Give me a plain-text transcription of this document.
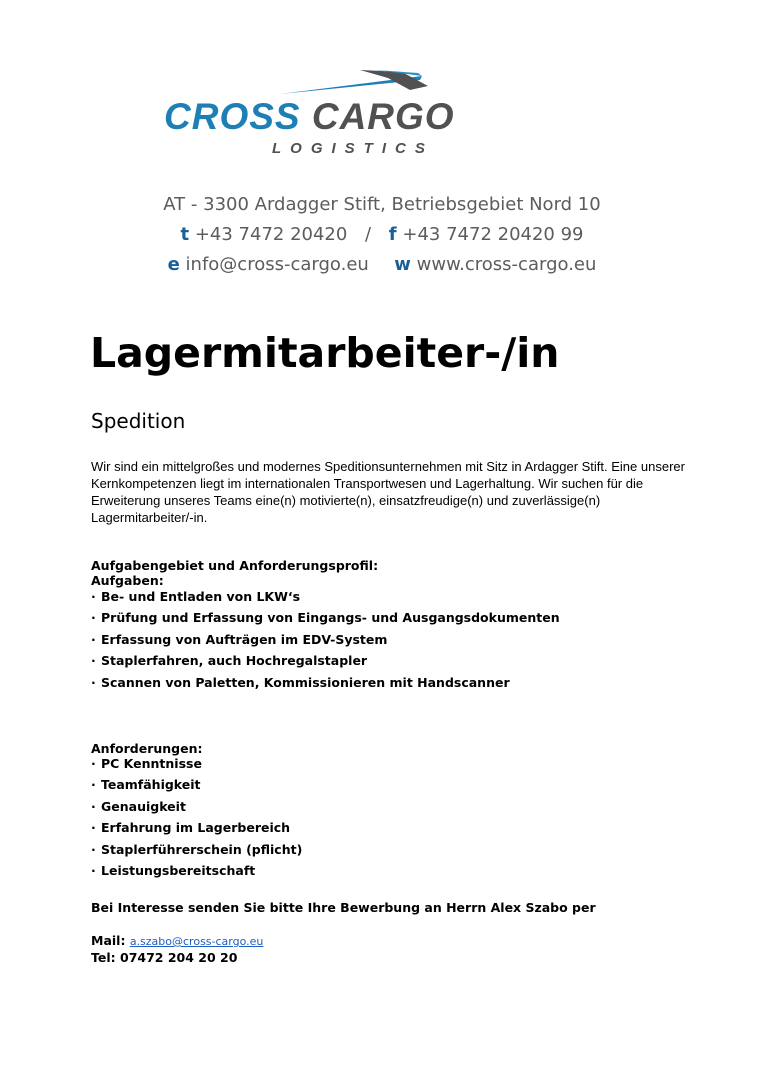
CROSS CARGO
LOGISTICS
AT - 3300 Ardagger Stift, Betriebsgebiet Nord 10
t +43 7472 20420 / f +43 7472 20420 99
e info@cross-cargo.eu w www.cross-cargo.eu
Lagermitarbeiter-/in
Spedition
Wir sind ein mittelgroßes und modernes Speditionsunternehmen mit Sitz in Ardagger Stift. Eine unserer Kernkompetenzen liegt im internationalen Transportwesen und Lagerhaltung. Wir suchen für die Erweiterung unseres Teams eine(n) motivierte(n), einsatzfreudige(n) und zuverlässige(n) Lagermitarbeiter/-in.
Aufgabengebiet und Anforderungsprofil:
Aufgaben:
· Be- und Entladen von LKW‘s
· Prüfung und Erfassung von Eingangs- und Ausgangsdokumenten
· Erfassung von Aufträgen im EDV-System
· Staplerfahren, auch Hochregalstapler
· Scannen von Paletten, Kommissionieren mit Handscanner
Anforderungen:
· PC Kenntnisse
· Teamfähigkeit
· Genauigkeit
· Erfahrung im Lagerbereich
· Staplerführerschein (pflicht)
· Leistungsbereitschaft
Bei Interesse senden Sie bitte Ihre Bewerbung an Herrn Alex Szabo per
Mail: a.szabo@cross-cargo.eu
Tel: 07472 204 20 20
